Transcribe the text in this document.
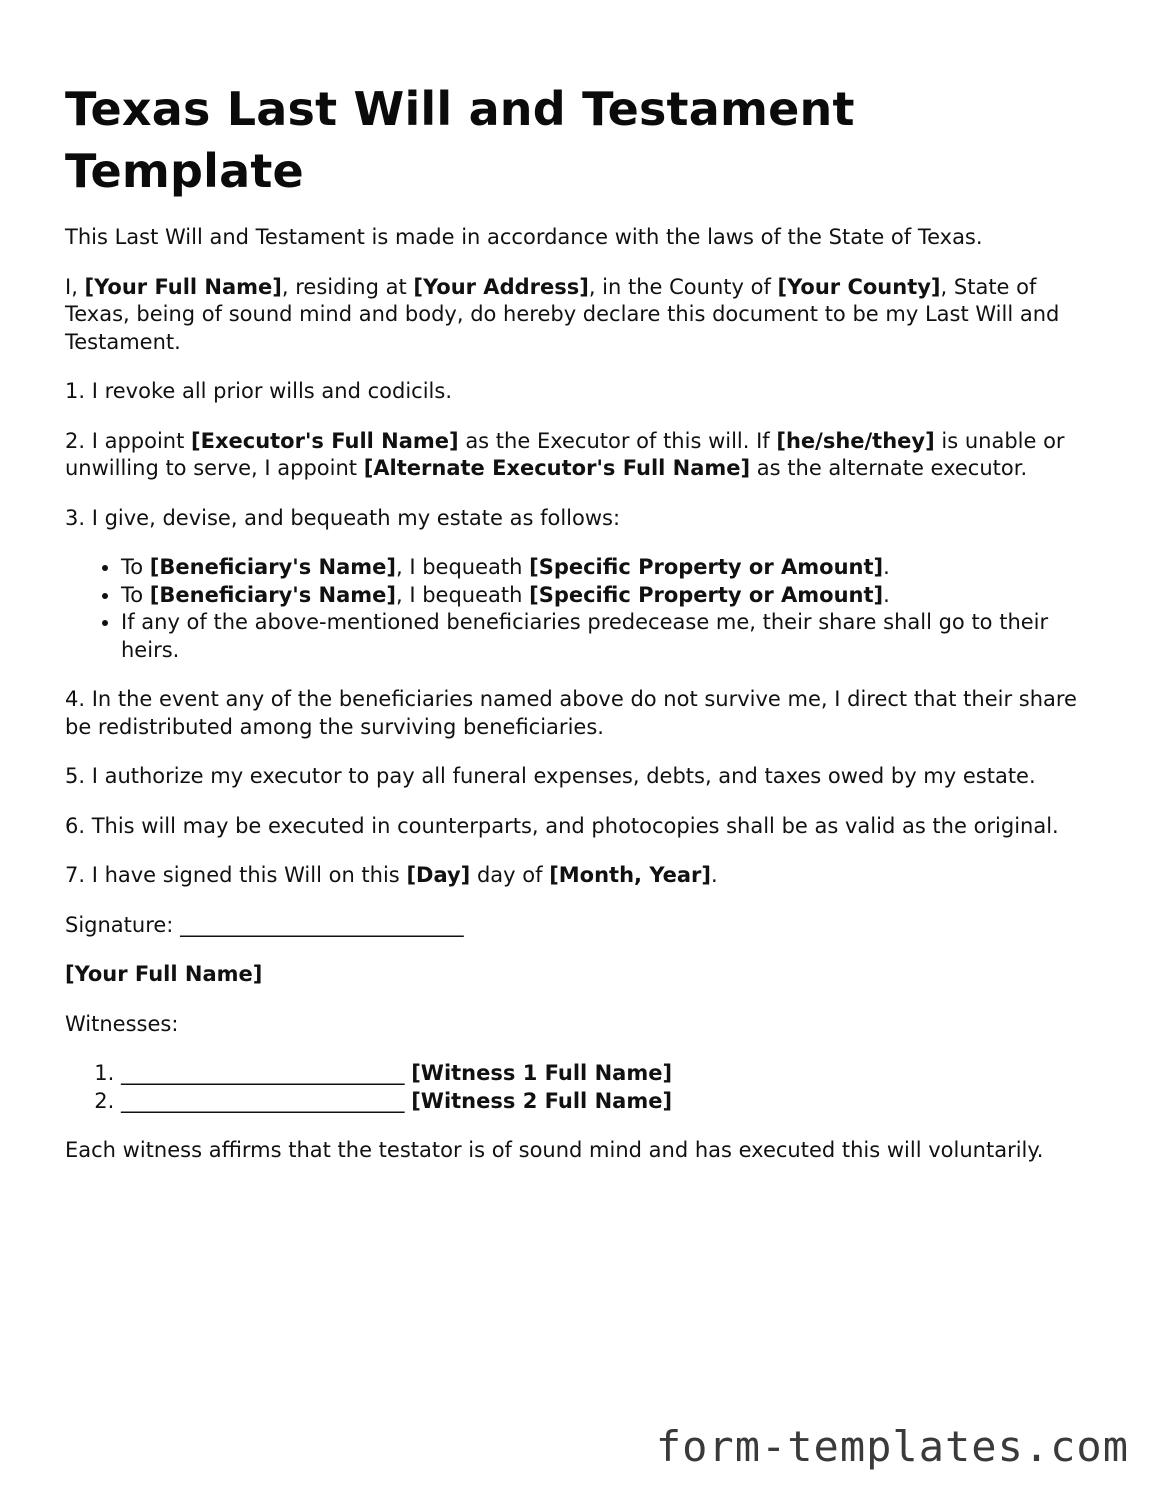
Texas Last Will and Testament Template

This Last Will and Testament is made in accordance with the laws of the State of Texas.

I, [Your Full Name], residing at [Your Address], in the County of [Your County], State of Texas, being of sound mind and body, do hereby declare this document to be my Last Will and Testament.

1. I revoke all prior wills and codicils.

2. I appoint [Executor's Full Name] as the Executor of this will. If [he/she/they] is unable or unwilling to serve, I appoint [Alternate Executor's Full Name] as the alternate executor.

3. I give, devise, and bequeath my estate as follows:

• To [Beneficiary's Name], I bequeath [Specific Property or Amount].
• To [Beneficiary's Name], I bequeath [Specific Property or Amount].
• If any of the above-mentioned beneficiaries predecease me, their share shall go to their heirs.

4. In the event any of the beneficiaries named above do not survive me, I direct that their share be redistributed among the surviving beneficiaries.

5. I authorize my executor to pay all funeral expenses, debts, and taxes owed by my estate.

6. This will may be executed in counterparts, and photocopies shall be as valid as the original.

7. I have signed this Will on this [Day] day of [Month, Year].

Signature: ___________________________

[Your Full Name]

Witnesses:

1. ___________________________ [Witness 1 Full Name]
2. ___________________________ [Witness 2 Full Name]

Each witness affirms that the testator is of sound mind and has executed this will voluntarily.

form-templates.com
